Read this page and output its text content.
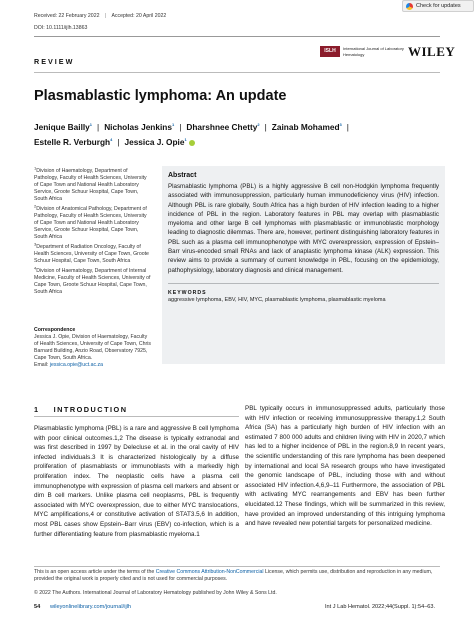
Check for updates
Received: 22 February 2022 | Accepted: 20 April 2022
DOI: 10.1111/ijlh.13863
ISLH	International Journal of Laboratory Hematology	WILEY
REVIEW
Plasmablastic lymphoma: An update
Jenique Bailly$^1$ | Nicholas Jenkins$^1$ | Dharshnee Chetty$^2$ | Zainab Mohamed$^3$ |
Estelle R. Verburgh$^4$ | Jessica J. Opie$^1$

$^1$Division of Haematology, Department of Pathology, Faculty of Health Sciences, University of Cape Town and National Health Laboratory Service, Groote Schuur Hospital, Cape Town, South Africa

$^2$Division of Anatomical Pathology, Department of Pathology, Faculty of Health Sciences, University of Cape Town and National Health Laboratory Service, Groote Schuur Hospital, Cape Town, South Africa

$^3$Department of Radiation Oncology, Faculty of Health Sciences, University of Cape Town, Groote Schuur Hospital, Cape Town, South Africa

$^4$Division of Haematology, Department of Internal Medicine, Faculty of Health Sciences, University of Cape Town, Groote Schuur Hospital, Cape Town, South Africa

Correspondence
Jessica J. Opie, Division of Haematology, Faculty of Health Sciences, University of Cape Town, Chris Barnard Building, Anzio Road, Observatory 7925, Cape Town, South Africa.
Email: jessica.opie@uct.ac.za
Abstract
Plasmablastic lymphoma (PBL) is a highly aggressive B cell non-Hodgkin lymphoma frequently associated with immunosuppression, particularly human immunodeficiency virus (HIV) infection. Although PBL is rare globally, South Africa has a high burden of HIV infection leading to a higher incidence of PBL in the region. Laboratory features in PBL may overlap with plasmablastic myeloma and other large B cell lymphomas with plasmablastic or immunoblastic morphology leading to diagnostic dilemmas. There are, however, pertinent distinguishing laboratory features in PBL such as a plasma cell immunophenotype with MYC overexpression, expression of Epstein–Barr virus-encoded small RNAs and lack of anaplastic lymphoma kinase (ALK) expression. This review aims to provide a summary of current knowledge in PBL, focusing on the epidemiology, pathophysiology, laboratory diagnosis and clinical management.
KEYWORDS
aggressive lymphoma, EBV, HIV, MYC, plasmablastic lymphoma, plasmablastic myeloma
1 INTRODUCTION
Plasmablastic lymphoma (PBL) is a rare and aggressive B cell lymphoma with poor clinical outcomes.1,2 The disease is typically extranodal and was first described in 1997 by Delecluse et al. in the oral cavity of HIV infected individuals.3 It is characterized histologically by a diffuse proliferation of plasmablasts or immunoblasts with a markedly high proliferation index. The neoplastic cells have a plasma cell immunophenotype with expression of plasma cell markers and absent or dim B cell markers. Unlike plasma cell neoplasms, PBL is frequently associated with MYC overexpression, due to either MYC translocations, MYC amplifications,4 or constitutive activation of STAT3.5,6 In addition, most PBL cases show Epstein–Barr virus (EBV) co-infection, which is a further differentiating feature from plasmablastic myeloma.1
PBL typically occurs in immunosuppressed adults, particularly those with HIV infection or receiving immunosuppressive therapy.1,2 South Africa (SA) has a particularly high burden of HIV infection with an estimated 7 800 000 adults and children living with HIV in 2020,7 which has led to a higher incidence of PBL in the region.8,9 In recent years, the scientific understanding of this rare lymphoma has been deepened by international and local SA research groups who have investigated the genomic landscape of PBL, including those with and without associated HIV infection.4,6,9–11 Furthermore, the association of PBL with activating MYC rearrangements and EBV has been further elucidated.12 These findings, which will be summarized in this review, have provided an improved understanding of this intriguing lymphoma and have revealed new potential targets for personalized medicine.
This is an open access article under the terms of the Creative Commons Attribution-NonCommercial License, which permits use, distribution and reproduction in any medium, provided the original work is properly cited and is not used for commercial purposes.
© 2022 The Authors. International Journal of Laboratory Hematology published by John Wiley & Sons Ltd.
54 wileyonlinelibrary.com/journal/ijlh	Int J Lab Hematol. 2022;44(Suppl. 1):54–63.
